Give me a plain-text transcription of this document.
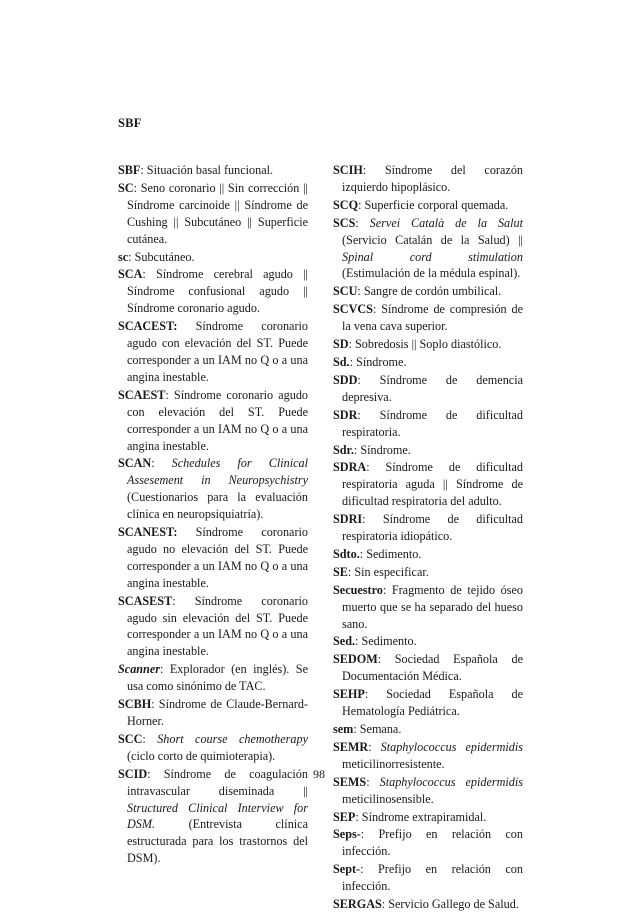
SBF

SBF: Situación basal funcional.

SC: Seno coronario || Sin corrección || Síndrome carcinoide || Síndrome de Cushing || Subcutáneo || Superficie cutánea.

sc: Subcutáneo.

SCA: Síndrome cerebral agudo || Síndrome confusional agudo || Síndrome coronario agudo.

SCACEST: Síndrome coronario agudo con elevación del ST. Puede corresponder a un IAM no Q o a una angina inestable.

SCAEST: Síndrome coronario agudo con elevación del ST. Puede corresponder a un IAM no Q o a una angina inestable.

SCAN: Schedules for Clinical Assesement in Neuropsychistry (Cuestionarios para la evaluación clínica en neuropsiquiatría).

SCANEST: Síndrome coronario agudo no elevación del ST. Puede corresponder a un IAM no Q o a una angina inestable.

SCASEST: Síndrome coronario agudo sin elevación del ST. Puede corresponder a un IAM no Q o a una angina inestable.

Scanner: Explorador (en inglés). Se usa como sinónimo de TAC.

SCBH: Síndrome de Claude-Bernard-Horner.

SCC: Short course chemotherapy (ciclo corto de quimioterapia).

SCID: Síndrome de coagulación intravascular diseminada || Structured Clinical Interview for DSM. (Entrevista clínica estructurada para los trastornos del DSM).

SCIH: Síndrome del corazón izquierdo hipoplásico.

SCQ: Superficie corporal quemada.

SCS: Servei Català de la Salut (Servicio Catalán de la Salud) || Spinal cord stimulation (Estimulación de la médula espinal).

SCU: Sangre de cordón umbilical.

SCVCS: Síndrome de compresión de la vena cava superior.

SD: Sobredosis || Soplo diastólico.

Sd.: Síndrome.

SDD: Síndrome de demencia depresiva.

SDR: Síndrome de dificultad respiratoria.

Sdr.: Síndrome.

SDRA: Síndrome de dificultad respiratoria aguda || Síndrome de dificultad respiratoria del adulto.

SDRI: Síndrome de dificultad respiratoria idiopático.

Sdto.: Sedimento.

SE: Sin especificar.

Secuestro: Fragmento de tejido óseo muerto que se ha separado del hueso sano.

Sed.: Sedimento.

SEDOM: Sociedad Española de Documentación Médica.

SEHP: Sociedad Española de Hematología Pediátrica.

sem: Semana.

SEMR: Staphylococcus epidermidis meticilinorresistente.

SEMS: Staphylococcus epidermidis meticilinosensible.

SEP: Síndrome extrapiramidal.

Seps-: Prefijo en relación con infección.

Sept-: Prefijo en relación con infección.

SERGAS: Servicio Gallego de Salud.

98
